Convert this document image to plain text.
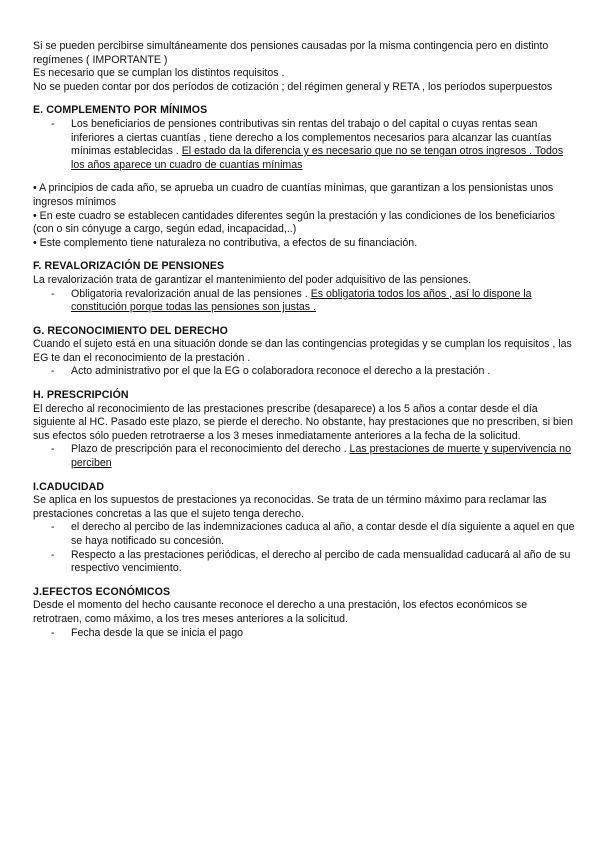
Si se pueden percibirse simultáneamente dos pensiones causadas por la misma contingencia pero en distinto regímenes ( IMPORTANTE )

Es necesario que se cumplan los distintos requisitos .

No se pueden contar por dos períodos de cotización ; del régimen general y RETA , los períodos superpuestos

E. COMPLEMENTO POR MÍNIMOS
- Los beneficiarios de pensiones contributivas sin rentas del trabajo o del capital o cuyas rentas sean inferiores a ciertas cuantías , tiene derecho a los complementos necesarios para alcanzar las cuantías mínimas establecidas . El estado da la diferencia y es necesario que no se tengan otros ingresos . Todos los años aparece un cuadro de cuantías mínimas

• A principios de cada año, se aprueba un cuadro de cuantías mínimas, que garantizan a los pensionistas unos ingresos mínimos

• En este cuadro se establecen cantidades diferentes según la prestación y las condiciones de los beneficiarios (con o sin cónyuge a cargo, según edad, incapacidad,..)

• Este complemento tiene naturaleza no contributiva, a efectos de su financiación.

F. REVALORIZACIÓN DE PENSIONES

La revalorización trata de garantizar el mantenimiento del poder adquisitivo de las pensiones.

- Obligatoria revalorización anual de las pensiones . Es obligatoria todos los años , así lo dispone la constitución porque todas las pensiones son justas .
G. RECONOCIMIENTO DEL DERECHO

Cuando el sujeto está en una situación donde se dan las contingencias protegidas y se cumplan los requisitos , las EG te dan el reconocimiento de la prestación .

- Acto administrativo por el que la EG o colaboradora reconoce el derecho a la prestación .
H. PRESCRIPCIÓN

El derecho al reconocimiento de las prestaciones prescribe (desaparece) a los 5 años a contar desde el día siguiente al HC. Pasado este plazo, se pierde el derecho. No obstante, hay prestaciones que no prescriben, si bien sus efectos sólo pueden retrotraerse a los 3 meses inmediatamente anteriores a la fecha de la solicitud.

- Plazo de prescripción para el reconocimiento del derecho . Las prestaciones de muerte y supervivencia no perciben
I.CADUCIDAD

Se aplica en los supuestos de prestaciones ya reconocidas. Se trata de un término máximo para reclamar las prestaciones concretas a las que el sujeto tenga derecho.

- el derecho al percibo de las indemnizaciones caduca al año, a contar desde el día siguiente a aquel en que se haya notificado su concesión.
- Respecto a las prestaciones periódicas, el derecho al percibo de cada mensualidad caducará al año de su respectivo vencimiento.
J.EFECTOS ECONÓMICOS

Desde el momento del hecho causante reconoce el derecho a una prestación, los efectos económicos se retrotraen, como máximo, a los tres meses anteriores a la solicitud.

- Fecha desde la que se inicia el pago
